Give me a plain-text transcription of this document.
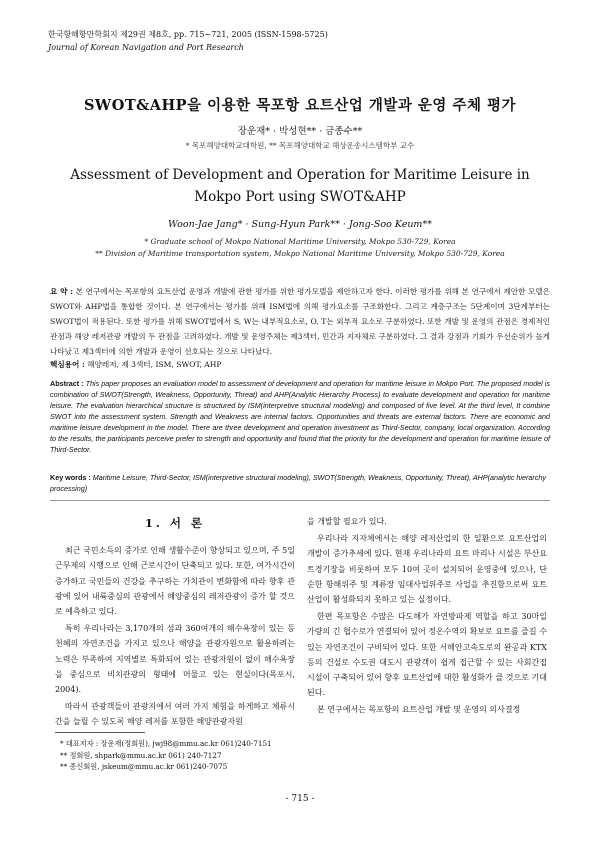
한국항해항만학회지 제29권 제8호, pp. 715~721, 2005 (ISSN-1598-5725)
Journal of Korean Navigation and Port Research
SWOT&AHP을 이용한 목포항 요트산업 개발과 운영 주체 평가
장운재* · 박성현** · 금종수**
* 목포해양대학교대학원, ** 목포해양대학교 해상운송시스템학부 교수
Assessment of Development and Operation for Maritime Leisure in Mokpo Port using SWOT&AHP
Woon-Jae Jang* · Sung-Hyun Park** · Jong-Soo Keum**
* Graduate school of Mokpo National Maritime University, Mokpo 530-729, Korea
** Division of Maritime transportation system, Mokpo National Maritime University, Mokpo 530-729, Korea
요 약 : 본 연구에서는 목포항의 요트산업 운영과 개발에 관한 평가를 위한 평가모델을 제안하고자 한다. 이러한 평가를 위해 본 연구에서 제안한 모델은 SWOT와 AHP법을 통합한 것이다. 본 연구에서는 평가를 위해 ISM법에 의해 평가요소를 구조화한다. 그리고 계층구조는 5단계이며 3단계부터는 SWOT법이 적용된다. 또한 평가를 위해 SWOT법에서 S, W는 내부적요소로, O, T는 외부적 요소로 구분하였다. 또한 개발 및 운영의 관점은 경제적인 관점과 해양 레저관광 개발의 두 관점을 고려하였다. 개발 및 운영주체는 제3섹터, 민간과 지자체로 구분하였다. 그 결과 강점과 기회가 우선순위가 높게 나타났고 제3섹터에 의한 개발과 운영이 선호되는 것으로 나타났다.
핵심용어 : 해양레저, 제 3섹터, ISM, SWOT, AHP
Abstract : This paper proposes an evaluation model to assessment of development and operation for maritime leisure in Mokpo Port. The proposed model is combination of SWOT(Strength, Weakness, Opportunity, Threat) and AHP(Analytic Hierarchy Process) to evaluate development and operation for maritime leisure. The evaluation hierarchical structure is structured by ISM(interpretive structural modeling) and composed of five level. At the third level, It combine SWOT into the assessment system. Strength and Weakness are internal factors. Opportunities and threats are external factors. There are economic and maritime leisure development in the model. There are three development and operation investment as Third-Sector, company, local organization. According to the results, the participants perceive prefer to strength and opportunity and found that the priority for the development and operation for maritime leisure of Third-Sector.
Key words : Maritime Leisure, Third-Sector, ISM(interpretive structural modeling), SWOT(Strength, Weakness, Opportunity, Threat), AHP(analytic hierarchy processing)
1. 서 론

최근 국민소득의 증가로 인해 생활수준이 향상되고 있으며, 주 5일 근무제의 시행으로 인해 근로시간이 단축되고 있다. 또한, 여가시간이 증가하고 국민들의 건강을 추구하는 가치관이 변화함에 따라 향후 관광에 있어 내륙중심의 관광에서 해양중심의 레저관광이 증가 할 것으로 예측하고 있다.

특히 우리나라는 3,170개의 섬과 360여개의 해수욕장이 있는 등 천혜의 자연조건을 가지고 있으나 해양을 관광자원으로 활용하려는 노력은 부족하여 지역별로 특화되어 있는 관광자원이 없이 해수욕장을 중심으로 비치관광의 형태에 머물고 있는 현실이다(목포시, 2004).

따라서 관광객들이 관광지에서 여러 가지 체험을 하게하고 체류시간을 늘릴 수 있도록 해양 레저를 포함한 해양관광자원

을 개발할 필요가 있다.

우리나라 지자체에서는 해양 레저산업의 한 일환으로 요트산업의 개발이 증가추세에 있다. 현재 우리나라의 요트 마리나 시설은 부산요트경기장을 비롯하여 모두 10여 곳이 설치되어 운영중에 있으나, 단순한 항해위주 및 계류장 임대사업위주로 사업을 추진함으로써 요트산업이 활성화되지 못하고 있는 실정이다.

한편 목포항은 수많은 다도해가 자연방파제 역할을 하고 30마일 가량의 긴 협수로가 연결되어 있어 정온수역의 확보로 요트를 즐길 수 있는 자연조건이 구비되어 있다. 또한 서해안고속도로의 완공과 KTX등의 건설로 수도권 대도시 관광객이 쉽게 접근할 수 있는 사회간접 시설이 구축되어 있어 향후 요트산업에 대한 활성화가 클 것으로 기대된다.

본 연구에서는 목포항의 요트산업 개발 및 운영의 의사결정

* 대표저자 : 장운재(정회원), jwj98@mmu.ac.kr 061)240-7151
** 정회원, shpark@mmu.ac.kr 061) 240-7127
** 종신회원, jskeum@mmu.ac.kr 061)240-7075
- 715 -
